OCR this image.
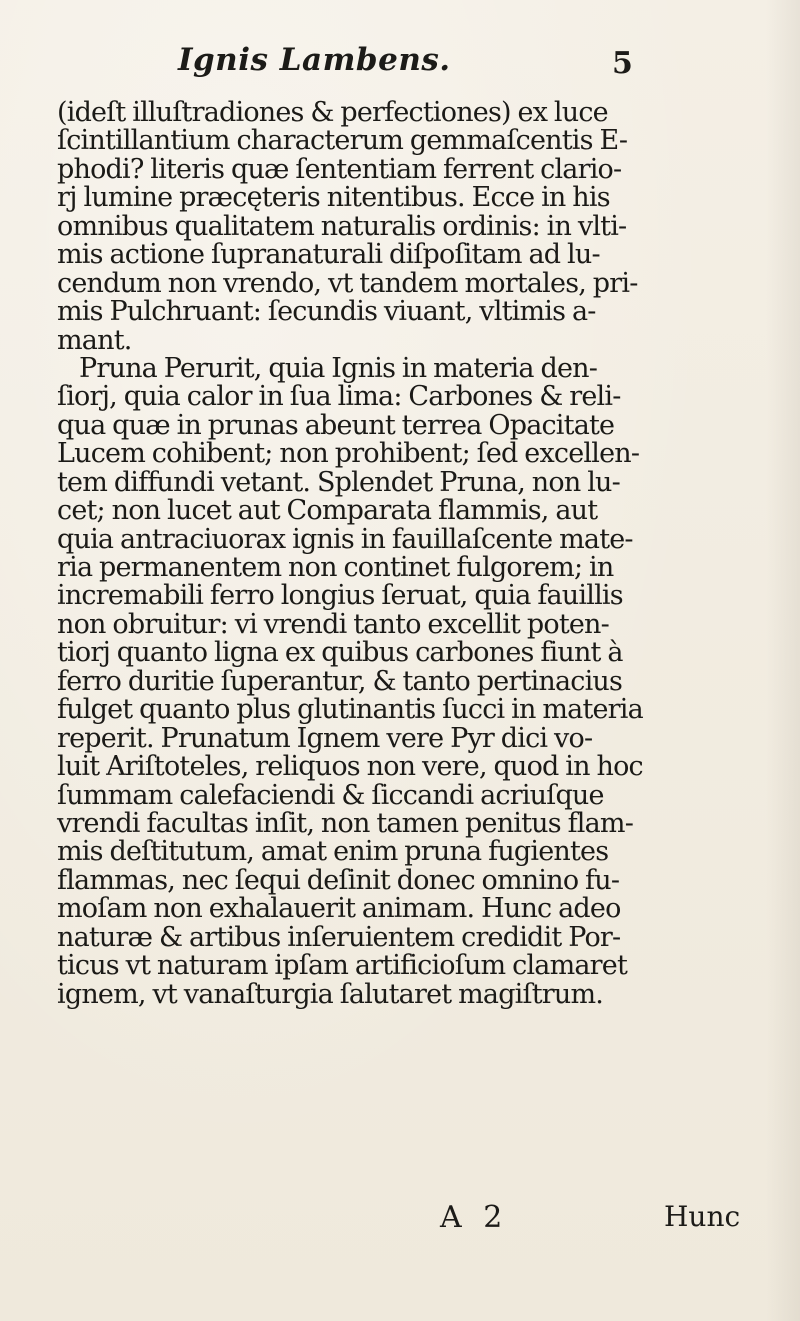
Ignis Lambens.	5
(ideſt illuſtradiones & perfectiones) ex luce
ſcintillantium characterum gemmaſcentis E-
phodi? literis quæ ſententiam ferrent clario-
rj lumine præcęteris nitentibus. Ecce in his
omnibus qualitatem naturalis ordinis: in vlti-
mis actione ſupranaturali diſpoſitam ad lu-
cendum non vrendo, vt tandem mortales, pri-
mis Pulchruant: ſecundis viuant, vltimis a-
mant.
Pruna Perurit, quia Ignis in materia den-
ſiorj, quia calor in ſua lima: Carbones & reli-
qua quæ in prunas abeunt terrea Opacitate
Lucem cohibent; non prohibent; ſed excellen-
tem diffundi vetant. Splendet Pruna, non lu-
cet; non lucet aut Comparata flammis, aut
quia antraciuorax ignis in fauillaſcente mate-
ria permanentem non continet fulgorem; in
incremabili ferro longius ſeruat, quia fauillis
non obruitur: vi vrendi tanto excellit poten-
tiorj quanto ligna ex quibus carbones fiunt à
ferro duritie ſuperantur, & tanto pertinacius
fulget quanto plus glutinantis ſucci in materia
reperit. Prunatum Ignem vere Pyr dici vo-
luit Ariſtoteles, reliquos non vere, quod in hoc
ſummam calefaciendi & ſiccandi acriuſque
vrendi facultas inſit, non tamen penitus flam-
mis deſtitutum, amat enim pruna fugientes
flammas, nec ſequi deſinit donec omnino fu-
moſam non exhalauerit animam. Hunc adeo
naturæ & artibus inſeruientem credidit Por-
ticus vt naturam ipſam artificioſum clamaret
ignem, vt vanaſturgia ſalutaret magiſtrum.
A 2	Hunc
